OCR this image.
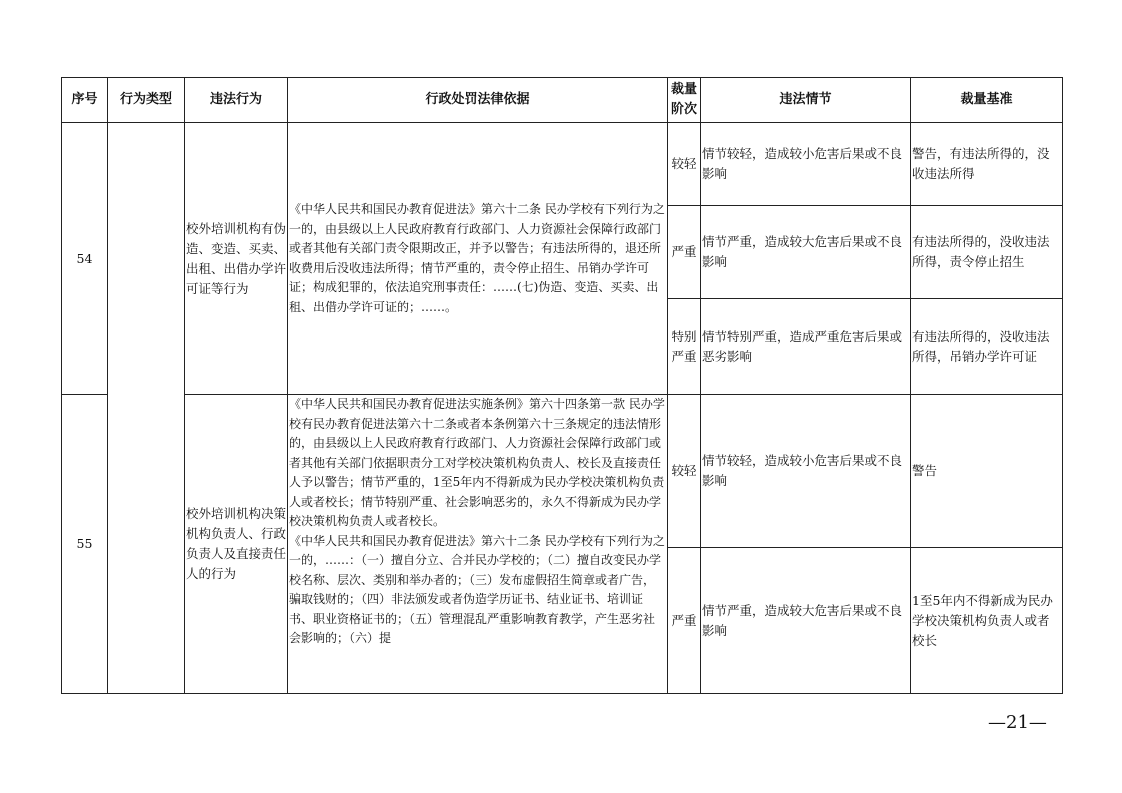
序号	行为类型	违法行为	行政处罚法律依据	裁量阶次	违法情节	裁量基准
54		校外培训机构有伪造、变造、买卖、出租、出借办学许可证等行为	《中华人民共和国民办教育促进法》第六十二条 民办学校有下列行为之一的，由县级以上人民政府教育行政部门、人力资源社会保障行政部门或者其他有关部门责令限期改正，并予以警告；有违法所得的，退还所收费用后没收违法所得；情节严重的，责令停止招生、吊销办学许可证；构成犯罪的，依法追究刑事责任：……(七)伪造、变造、买卖、出租、出借办学许可证的；……。	较轻	情节较轻，造成较小危害后果或不良影响	警告，有违法所得的，没收违法所得
				严重	情节严重，造成较大危害后果或不良影响	有违法所得的，没收违法所得，责令停止招生
				特别严重	情节特别严重，造成严重危害后果或恶劣影响	有违法所得的，没收违法所得，吊销办学许可证
55		校外培训机构决策机构负责人、行政负责人及直接责任人的行为	《中华人民共和国民办教育促进法实施条例》第六十四条第一款 民办学校有民办教育促进法第六十二条或者本条例第六十三条规定的违法情形的，由县级以上人民政府教育行政部门、人力资源社会保障行政部门或者其他有关部门依据职责分工对学校决策机构负责人、校长及直接责任人予以警告；情节严重的，1至5年内不得新成为民办学校决策机构负责人或者校长；情节特别严重、社会影响恶劣的，永久不得新成为民办学校决策机构负责人或者校长。
《中华人民共和国民办教育促进法》第六十二条 民办学校有下列行为之一的，……：（一）擅自分立、合并民办学校的；（二）擅自改变民办学校名称、层次、类别和举办者的；（三）发布虚假招生简章或者广告，骗取钱财的；（四）非法颁发或者伪造学历证书、结业证书、培训证书、职业资格证书的；（五）管理混乱严重影响教育教学，产生恶劣社会影响的；（六）提	较轻	情节较轻，造成较小危害后果或不良影响	警告
				严重	情节严重，造成较大危害后果或不良影响	1至5年内不得新成为民办学校决策机构负责人或者校长
—21—
